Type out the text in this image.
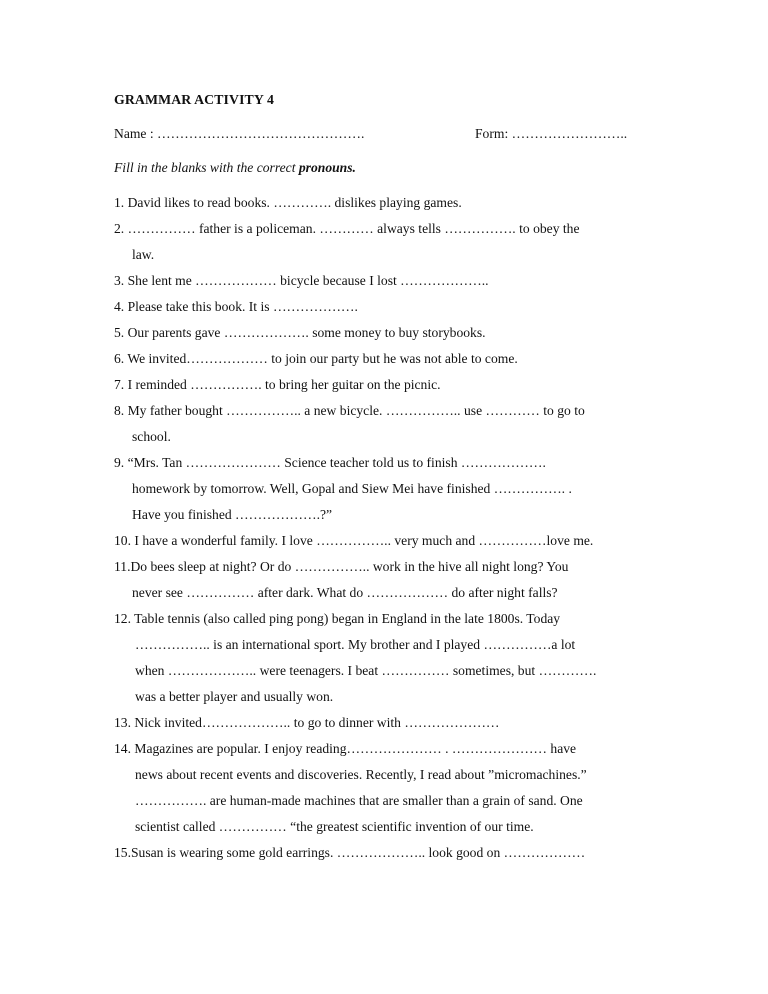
GRAMMAR ACTIVITY 4
Name : ……………………………………….	Form: ……………………..
Fill in the blanks with the correct pronouns.
1. David likes to read books. …………. dislikes playing games.
2. …………… father is a policeman. ………… always tells ……………. to obey the
law.
3. She lent me ……………… bicycle because I lost ………………..
4. Please take this book. It is ……………….
5. Our parents gave ………………. some money to buy storybooks.
6. We invited……………… to join our party but he was not able to come.
7. I reminded ……………. to bring her guitar on the picnic.
8. My father bought …………….. a new bicycle. …………….. use ………… to go to
school.
9. “Mrs. Tan ………………… Science teacher told us to finish ……………….
homework by tomorrow. Well, Gopal and Siew Mei have finished ……………. .
Have you finished ……………….?”
10. I have a wonderful family. I love …………….. very much and ……………love me.
11.Do bees sleep at night? Or do …………….. work in the hive all night long? You
never see …………… after dark. What do ……………… do after night falls?
12. Table tennis (also called ping pong) began in England in the late 1800s. Today
…………….. is an international sport. My brother and I played ……………a lot
when ……………….. were teenagers. I beat …………… sometimes, but ………….
was a better player and usually won.
13. Nick invited……………….. to go to dinner with …………………
14. Magazines are popular. I enjoy reading………………… . ………………… have
news about recent events and discoveries. Recently, I read about ”micromachines.”
……………. are human-made machines that are smaller than a grain of sand. One
scientist called …………… “the greatest scientific invention of our time.
15.Susan is wearing some gold earrings. ……………….. look good on ………………
